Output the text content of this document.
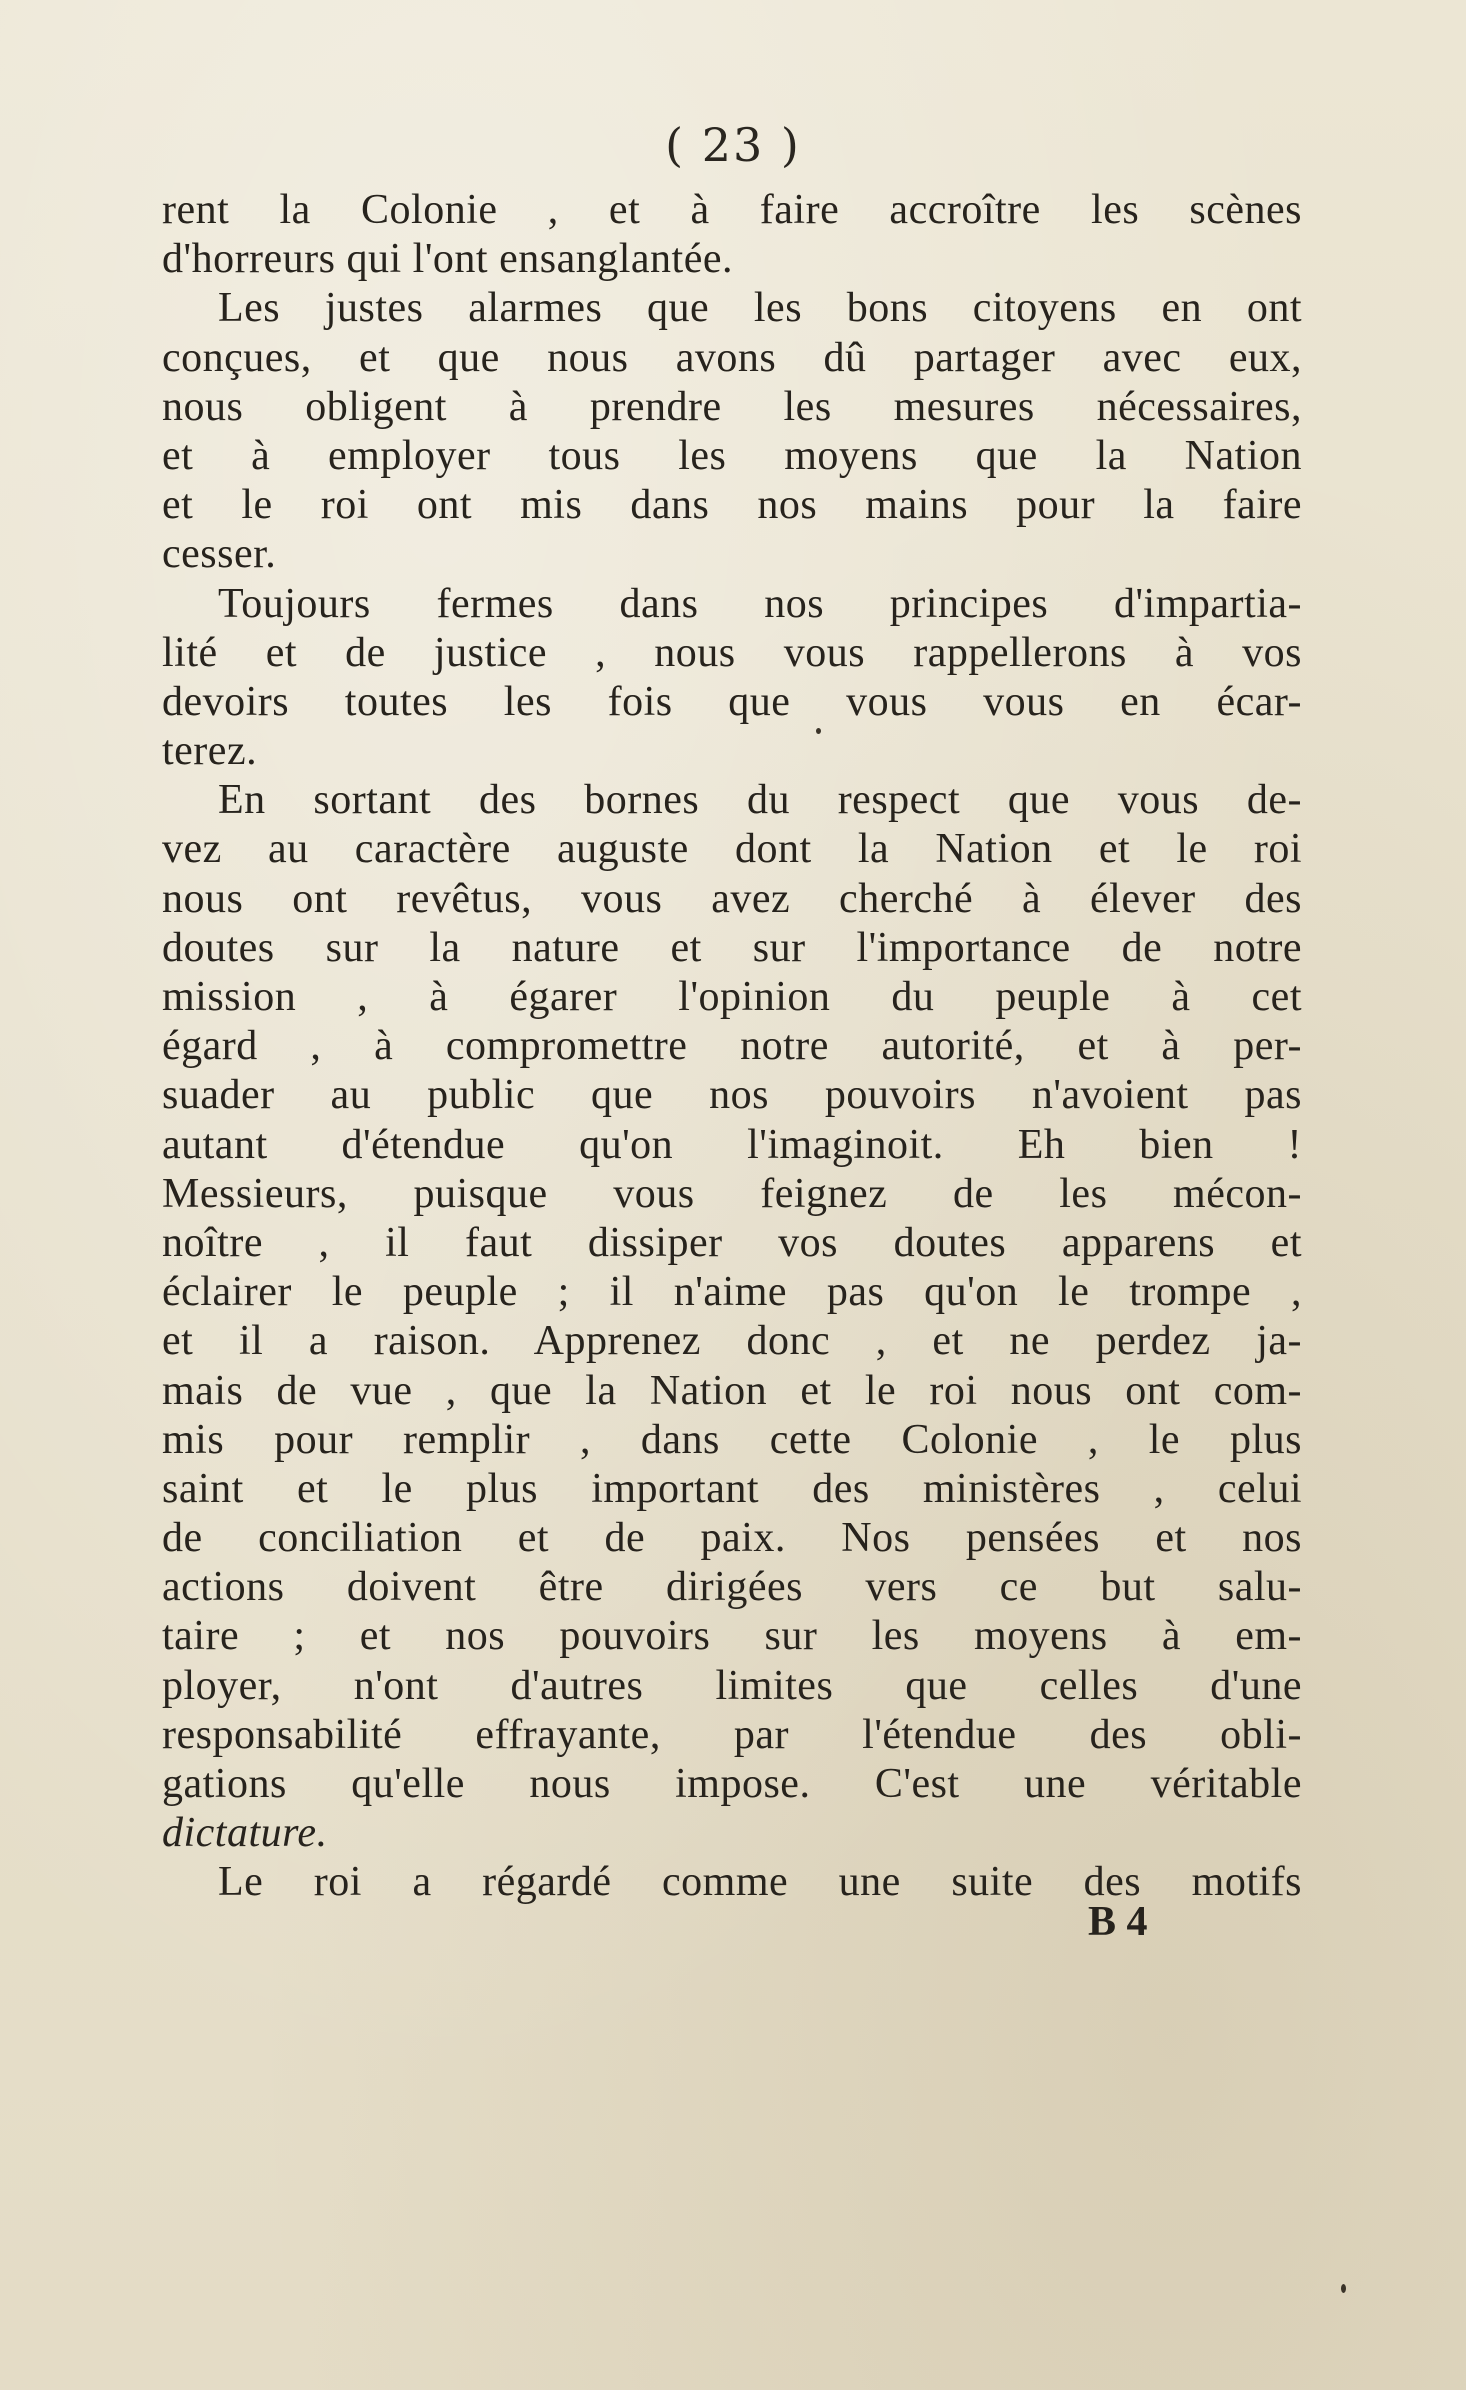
( 23 )
rent la Colonie , et à faire accroître les scènes
d'horreurs qui l'ont ensanglantée.
Les justes alarmes que les bons citoyens en ont
conçues, et que nous avons dû partager avec eux,
nous obligent à prendre les mesures nécessaires,
et à employer tous les moyens que la Nation
et le roi ont mis dans nos mains pour la faire
cesser.
Toujours fermes dans nos principes d'impartia-
lité et de justice , nous vous rappellerons à vos
devoirs toutes les fois que vous vous en écar-
terez.
En sortant des bornes du respect que vous de-
vez au caractère auguste dont la Nation et le roi
nous ont revêtus, vous avez cherché à élever des
doutes sur la nature et sur l'importance de notre
mission , à égarer l'opinion du peuple à cet
égard , à compromettre notre autorité, et à per-
suader au public que nos pouvoirs n'avoient pas
autant d'étendue qu'on l'imaginoit. Eh bien !
Messieurs, puisque vous feignez de les mécon-
noître , il faut dissiper vos doutes apparens et
éclairer le peuple ; il n'aime pas qu'on le trompe ,
et il a raison. Apprenez donc , et ne perdez ja-
mais de vue , que la Nation et le roi nous ont com-
mis pour remplir , dans cette Colonie , le plus
saint et le plus important des ministères , celui
de conciliation et de paix. Nos pensées et nos
actions doivent être dirigées vers ce but salu-
taire ; et nos pouvoirs sur les moyens à em-
ployer, n'ont d'autres limites que celles d'une
responsabilité effrayante, par l'étendue des obli-
gations qu'elle nous impose. C'est une véritable
dictature.
Le roi a régardé comme une suite des motifs
B 4
